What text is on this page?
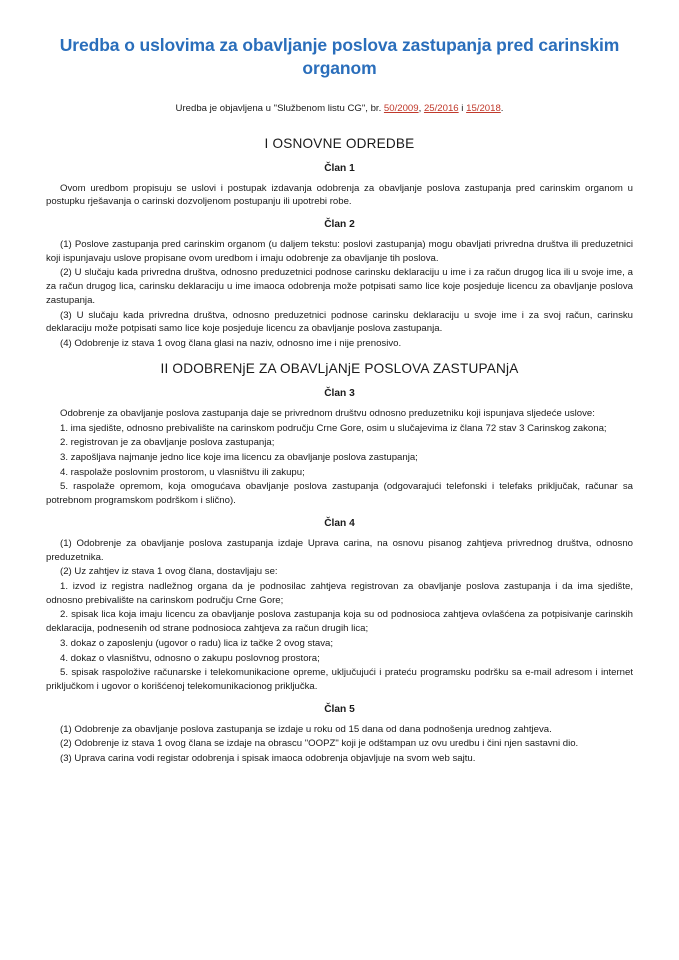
Uredba o uslovima za obavljanje poslova zastupanja pred carinskim organom
Uredba je objavljena u "Službenom listu CG", br. 50/2009, 25/2016 i 15/2018.
I OSNOVNE ODREDBE
Član 1

Ovom uredbom propisuju se uslovi i postupak izdavanja odobrenja za obavljanje poslova zastupanja pred carinskim organom u postupku rješavanja o carinski dozvoljenom postupanju ili upotrebi robe.

Član 2

(1) Poslove zastupanja pred carinskim organom (u daljem tekstu: poslovi zastupanja) mogu obavljati privredna društva ili preduzetnici koji ispunjavaju uslove propisane ovom uredbom i imaju odobrenje za obavljanje tih poslova.

(2) U slučaju kada privredna društva, odnosno preduzetnici podnose carinsku deklaraciju u ime i za račun drugog lica ili u svoje ime, a za račun drugog lica, carinsku deklaraciju u ime imaoca odobrenja može potpisati samo lice koje posjeduje licencu za obavljanje poslova zastupanja.

(3) U slučaju kada privredna društva, odnosno preduzetnici podnose carinsku deklaraciju u svoje ime i za svoj račun, carinsku deklaraciju može potpisati samo lice koje posjeduje licencu za obavljanje poslova zastupanja.

(4) Odobrenje iz stava 1 ovog člana glasi na naziv, odnosno ime i nije prenosivo.

II ODOBRENjE ZA OBAVLjANjE POSLOVA ZASTUPANjA
Član 3

Odobrenje za obavljanje poslova zastupanja daje se privrednom društvu odnosno preduzetniku koji ispunjava sljedeće uslove:

1. ima sjedište, odnosno prebivalište na carinskom području Crne Gore, osim u slučajevima iz člana 72 stav 3 Carinskog zakona;

2. registrovan je za obavljanje poslova zastupanja;

3. zapošljava najmanje jedno lice koje ima licencu za obavljanje poslova zastupanja;

4. raspolaže poslovnim prostorom, u vlasništvu ili zakupu;

5. raspolaže opremom, koja omogućava obavljanje poslova zastupanja (odgovarajući telefonski i telefaks priključak, računar sa potrebnom programskom podrškom i slično).

Član 4

(1) Odobrenje za obavljanje poslova zastupanja izdaje Uprava carina, na osnovu pisanog zahtjeva privrednog društva, odnosno preduzetnika.

(2) Uz zahtjev iz stava 1 ovog člana, dostavljaju se:

1. izvod iz registra nadležnog organa da je podnosilac zahtjeva registrovan za obavljanje poslova zastupanja i da ima sjedište, odnosno prebivalište na carinskom području Crne Gore;

2. spisak lica koja imaju licencu za obavljanje poslova zastupanja koja su od podnosioca zahtjeva ovlašćena za potpisivanje carinskih deklaracija, podnesenih od strane podnosioca zahtjeva za račun drugih lica;

3. dokaz o zaposlenju (ugovor o radu) lica iz tačke 2 ovog stava;

4. dokaz o vlasništvu, odnosno o zakupu poslovnog prostora;

5. spisak raspoložive računarske i telekomunikacione opreme, uključujući i prateću programsku podršku sa e-mail adresom i internet priključkom i ugovor o korišćenoj telekomunikacionog priključka.

Član 5

(1) Odobrenje za obavljanje poslova zastupanja se izdaje u roku od 15 dana od dana podnošenja urednog zahtjeva.

(2) Odobrenje iz stava 1 ovog člana se izdaje na obrascu "OOPZ" koji je odštampan uz ovu uredbu i čini njen sastavni dio.

(3) Uprava carina vodi registar odobrenja i spisak imaoca odobrenja objavljuje na svom web sajtu.
